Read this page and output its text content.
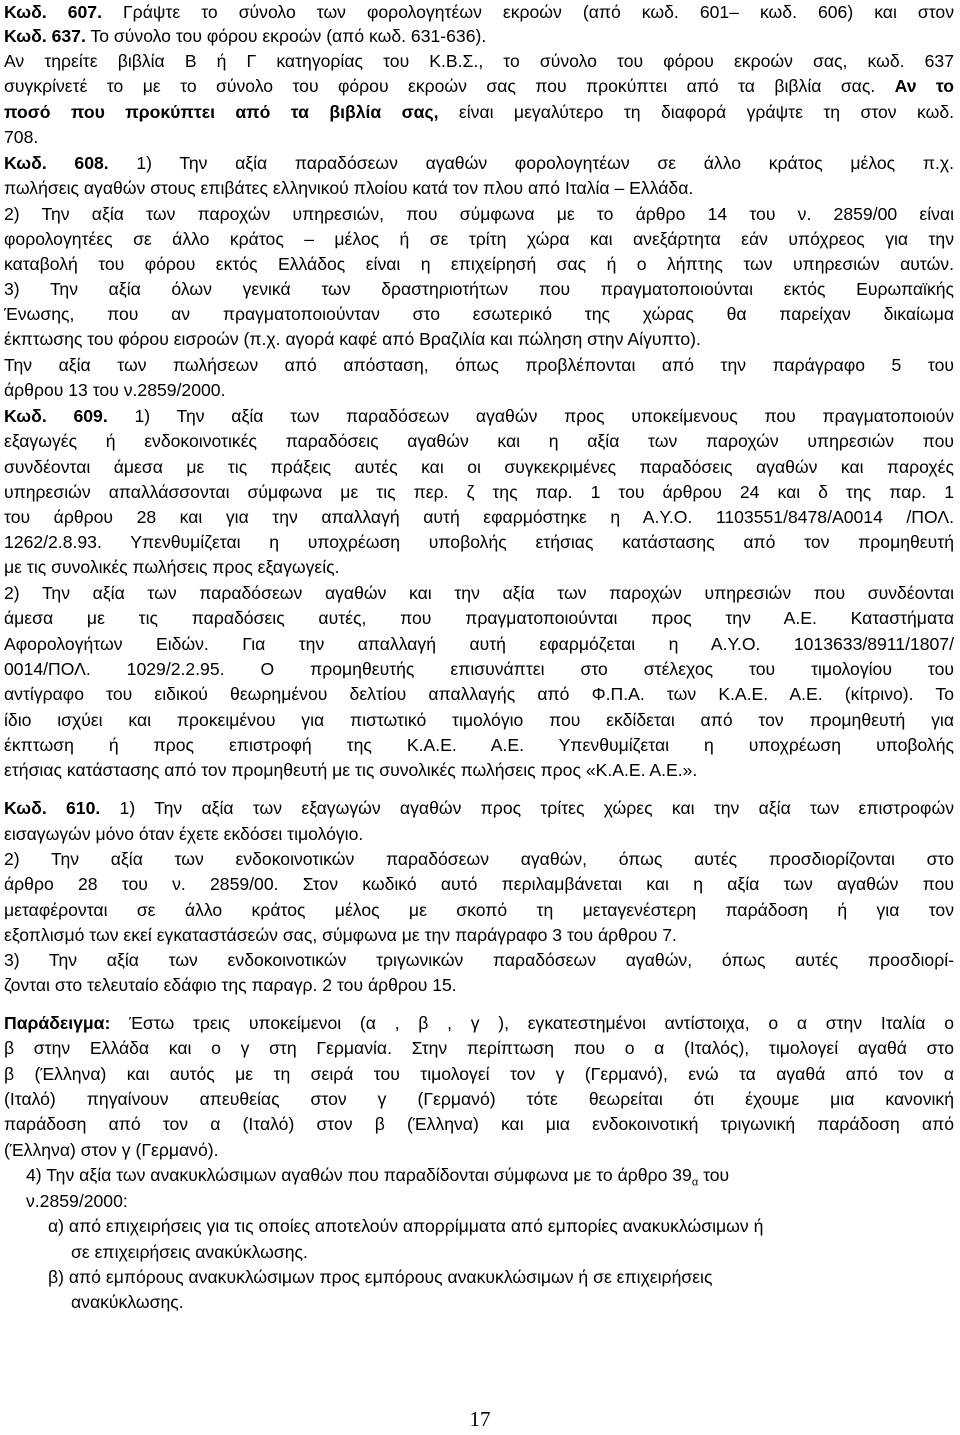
Κωδ. 607. Γράψτε το σύνολο των φορολογητέων εκροών (από κωδ. 601– κωδ. 606) και στον
Κωδ. 637. Το σύνολο του φόρου εκροών (από κωδ. 631-636).
Αν τηρείτε βιβλία Β ή Γ κατηγορίας του Κ.Β.Σ., το σύνολο του φόρου εκροών σας, κωδ. 637
συγκρίνετέ το με το σύνολο του φόρου εκροών σας που προκύπτει από τα βιβλία σας. Αν το
ποσό που προκύπτει από τα βιβλία σας, είναι μεγαλύτερο τη διαφορά γράψτε τη στον κωδ.
708.
Κωδ. 608. 1) Την αξία παραδόσεων αγαθών φορολογητέων σε άλλο κράτος μέλος π.χ.
πωλήσεις αγαθών στους επιβάτες ελληνικού πλοίου κατά τον πλου από Ιταλία – Ελλάδα.
2) Την αξία των παροχών υπηρεσιών, που σύμφωνα με το άρθρο 14 του ν. 2859/00 είναι
φορολογητέες σε άλλο κράτος – μέλος ή σε τρίτη χώρα και ανεξάρτητα εάν υπόχρεος για την
καταβολή του φόρου εκτός Ελλάδος είναι η επιχείρησή σας ή ο λήπτης των υπηρεσιών αυτών.
3) Την αξία όλων γενικά των δραστηριοτήτων που πραγματοποιούνται εκτός Ευρωπαϊκής
Ένωσης, που αν πραγματοποιούνταν στο εσωτερικό της χώρας θα παρείχαν δικαίωμα
έκπτωσης του φόρου εισροών (π.χ. αγορά καφέ από Βραζιλία και πώληση στην Αίγυπτο).
Την αξία των πωλήσεων από απόσταση, όπως προβλέπονται από την παράγραφο 5 του
άρθρου 13 του ν.2859/2000.
Κωδ. 609. 1) Την αξία των παραδόσεων αγαθών προς υποκείμενους που πραγματοποιούν
εξαγωγές ή ενδοκοινοτικές παραδόσεις αγαθών και η αξία των παροχών υπηρεσιών που
συνδέονται άμεσα με τις πράξεις αυτές και οι συγκεκριμένες παραδόσεις αγαθών και παροχές
υπηρεσιών απαλλάσσονται σύμφωνα με τις περ. ζ της παρ. 1 του άρθρου 24 και δ της παρ. 1
του άρθρου 28 και για την απαλλαγή αυτή εφαρμόστηκε η Α.Υ.Ο. 1103551/8478/Α0014 /ΠΟΛ.
1262/2.8.93. Υπενθυμίζεται η υποχρέωση υποβολής ετήσιας κατάστασης από τον προμηθευτή
με τις συνολικές πωλήσεις προς εξαγωγείς.
2) Την αξία των παραδόσεων αγαθών και την αξία των παροχών υπηρεσιών που συνδέονται
άμεσα με τις παραδόσεις αυτές, που πραγματοποιούνται προς την Α.Ε. Καταστήματα
Αφορολογήτων Ειδών. Για την απαλλαγή αυτή εφαρμόζεται η Α.Υ.Ο. 1013633/8911/1807/
0014/ΠΟΛ. 1029/2.2.95. Ο προμηθευτής επισυνάπτει στο στέλεχος του τιμολογίου του
αντίγραφο του ειδικού θεωρημένου δελτίου απαλλαγής από Φ.Π.Α. των Κ.Α.Ε. Α.Ε. (κίτρινο). Το
ίδιο ισχύει και προκειμένου για πιστωτικό τιμολόγιο που εκδίδεται από τον προμηθευτή για
έκπτωση ή προς επιστροφή της Κ.Α.Ε. Α.Ε. Υπενθυμίζεται η υποχρέωση υποβολής
ετήσιας κατάστασης από τον προμηθευτή με τις συνολικές πωλήσεις προς «Κ.Α.Ε. Α.Ε.».
Κωδ. 610. 1) Την αξία των εξαγωγών αγαθών προς τρίτες χώρες και την αξία των επιστροφών
εισαγωγών μόνο όταν έχετε εκδόσει τιμολόγιο.
2) Την αξία των ενδοκοινοτικών παραδόσεων αγαθών, όπως αυτές προσδιορίζονται στο
άρθρο 28 του ν. 2859/00. Στον κωδικό αυτό περιλαμβάνεται και η αξία των αγαθών που
μεταφέρονται σε άλλο κράτος μέλος με σκοπό τη μεταγενέστερη παράδοση ή για τον
εξοπλισμό των εκεί εγκαταστάσεών σας, σύμφωνα με την παράγραφο 3 του άρθρου 7.
3) Την αξία των ενδοκοινοτικών τριγωνικών παραδόσεων αγαθών, όπως αυτές προσδιορί-
ζονται στο τελευταίο εδάφιο της παραγρ. 2 του άρθρου 15.
Παράδειγμα: Έστω τρεις υποκείμενοι (α , β , γ ), εγκατεστημένοι αντίστοιχα, ο α στην Ιταλία ο
β στην Ελλάδα και ο γ στη Γερμανία. Στην περίπτωση που ο α (Ιταλός), τιμολογεί αγαθά στο
β (Έλληνα) και αυτός με τη σειρά του τιμολογεί τον γ (Γερμανό), ενώ τα αγαθά από τον α
(Ιταλό) πηγαίνουν απευθείας στον γ (Γερμανό) τότε θεωρείται ότι έχουμε μια κανονική
παράδοση από τον α (Ιταλό) στον β (Έλληνα) και μια ενδοκοινοτική τριγωνική παράδοση από
(Έλληνα) στον γ (Γερμανό).
4) Την αξία των ανακυκλώσιμων αγαθών που παραδίδονται σύμφωνα με το άρθρο $39_\alpha$ του
ν.2859/2000:
α) από επιχειρήσεις για τις οποίες αποτελούν απορρίμματα από εμπορίες ανακυκλώσιμων ή
σε επιχειρήσεις ανακύκλωσης.
β) από εμπόρους ανακυκλώσιμων προς εμπόρους ανακυκλώσιμων ή σε επιχειρήσεις
ανακύκλωσης.
17
